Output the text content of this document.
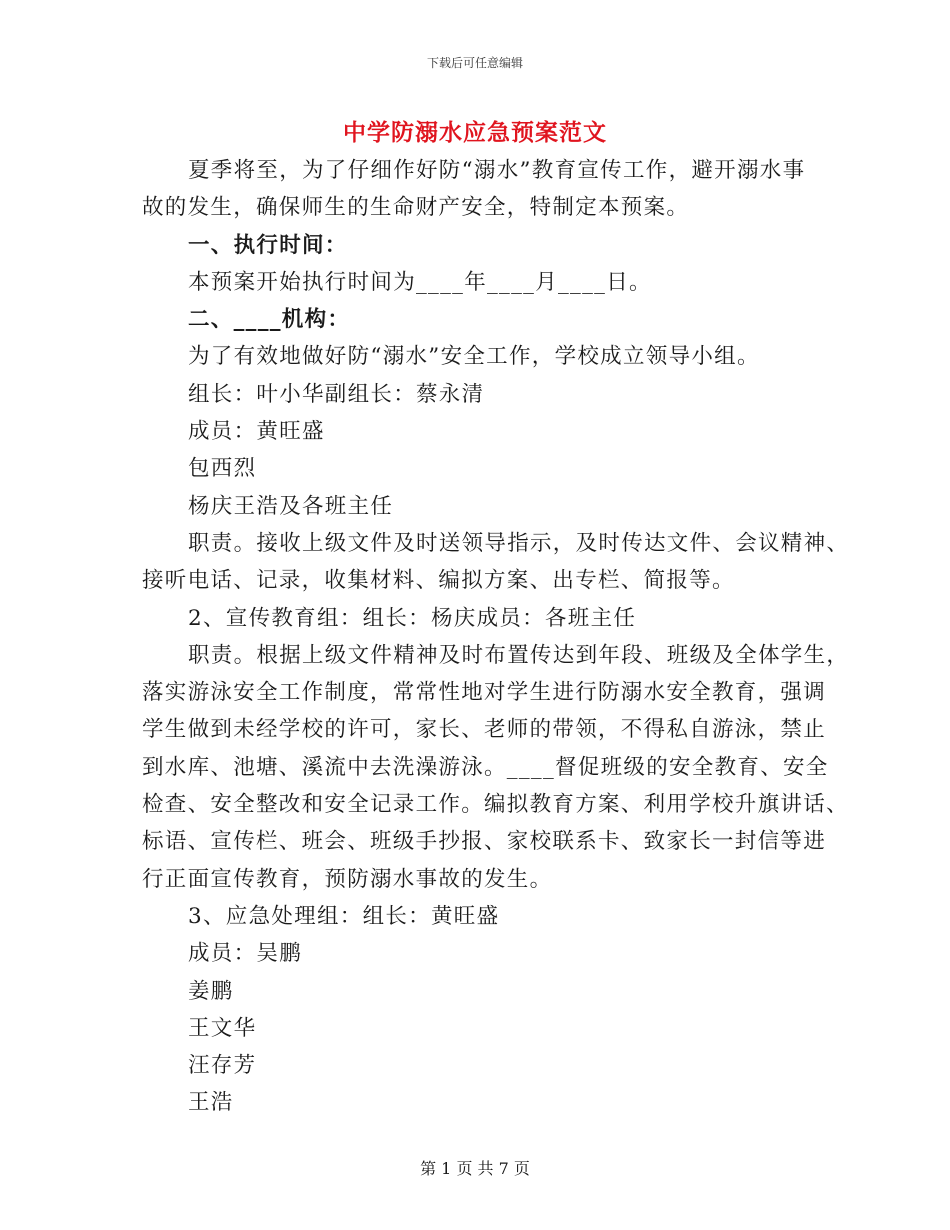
下载后可任意编辑
中学防溺水应急预案范文
夏季将至，为了仔细作好防“溺水”教育宣传工作，避开溺水事
故的发生，确保师生的生命财产安全，特制定本预案。
一、执行时间：
本预案开始执行时间为____年____月____日。
二、____机构：
为了有效地做好防“溺水”安全工作，学校成立领导小组。
组长：叶小华副组长：蔡永清
成员：黄旺盛
包西烈
杨庆王浩及各班主任
职责。接收上级文件及时送领导指示，及时传达文件、会议精神、
接听电话、记录，收集材料、编拟方案、出专栏、简报等。
2、宣传教育组：组长：杨庆成员：各班主任
职责。根据上级文件精神及时布置传达到年段、班级及全体学生，
落实游泳安全工作制度，常常性地对学生进行防溺水安全教育，强调
学生做到未经学校的许可，家长、老师的带领，不得私自游泳，禁止
到水库、池塘、溪流中去洗澡游泳。____督促班级的安全教育、安全
检查、安全整改和安全记录工作。编拟教育方案、利用学校升旗讲话、
标语、宣传栏、班会、班级手抄报、家校联系卡、致家长一封信等进
行正面宣传教育，预防溺水事故的发生。
3、应急处理组：组长：黄旺盛
成员：吴鹏
姜鹏
王文华
汪存芳
王浩
第 1 页 共 7 页
